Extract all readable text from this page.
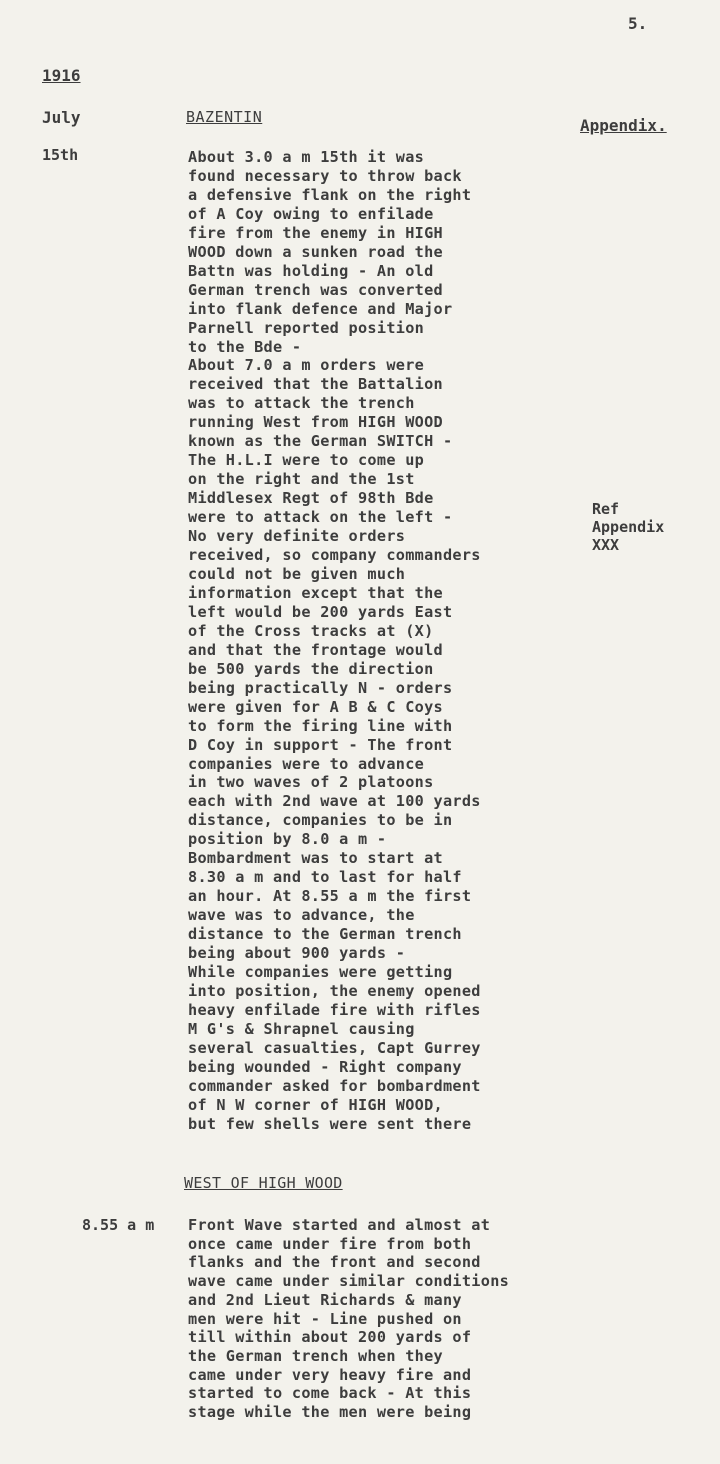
5.
1916
July	BAZENTIN	Appendix.
15th	About 3.0 a m 15th it was
found necessary to throw back
a defensive flank on the right
of A Coy owing to enfilade
fire from the enemy in HIGH
WOOD down a sunken road the
Battn was holding - An old
German trench was converted
into flank defence and Major
Parnell reported position
to the Bde -
About 7.0 a m orders were
received that the Battalion
was to attack the trench
running West from HIGH WOOD
known as the German SWITCH -
The H.L.I were to come up
on the right and the 1st
Middlesex Regt of 98th Bde
were to attack on the left -
No very definite orders
received, so company commanders
could not be given much
information except that the
left would be 200 yards East
of the Cross tracks at (X)
and that the frontage would
be 500 yards the direction
being practically N - orders
were given for A B & C Coys
to form the firing line with
D Coy in support - The front
companies were to advance
in two waves of 2 platoons
each with 2nd wave at 100 yards
distance, companies to be in
position by 8.0 a m -
Bombardment was to start at
8.30 a m and to last for half
an hour. At 8.55 a m the first
wave was to advance, the
distance to the German trench
being about 900 yards -
While companies were getting
into position, the enemy opened
heavy enfilade fire with rifles
M G's & Shrapnel causing
several casualties, Capt Gurrey
being wounded - Right company
commander asked for bombardment
of N W corner of HIGH WOOD,
but few shells were sent there
Ref
Appendix
XXX
WEST OF HIGH WOOD
8.55 a m Front Wave started and almost at
once came under fire from both
flanks and the front and second
wave came under similar conditions
and 2nd Lieut Richards & many
men were hit - Line pushed on
till within about 200 yards of
the German trench when they
came under very heavy fire and
started to come back - At this
stage while the men were being
